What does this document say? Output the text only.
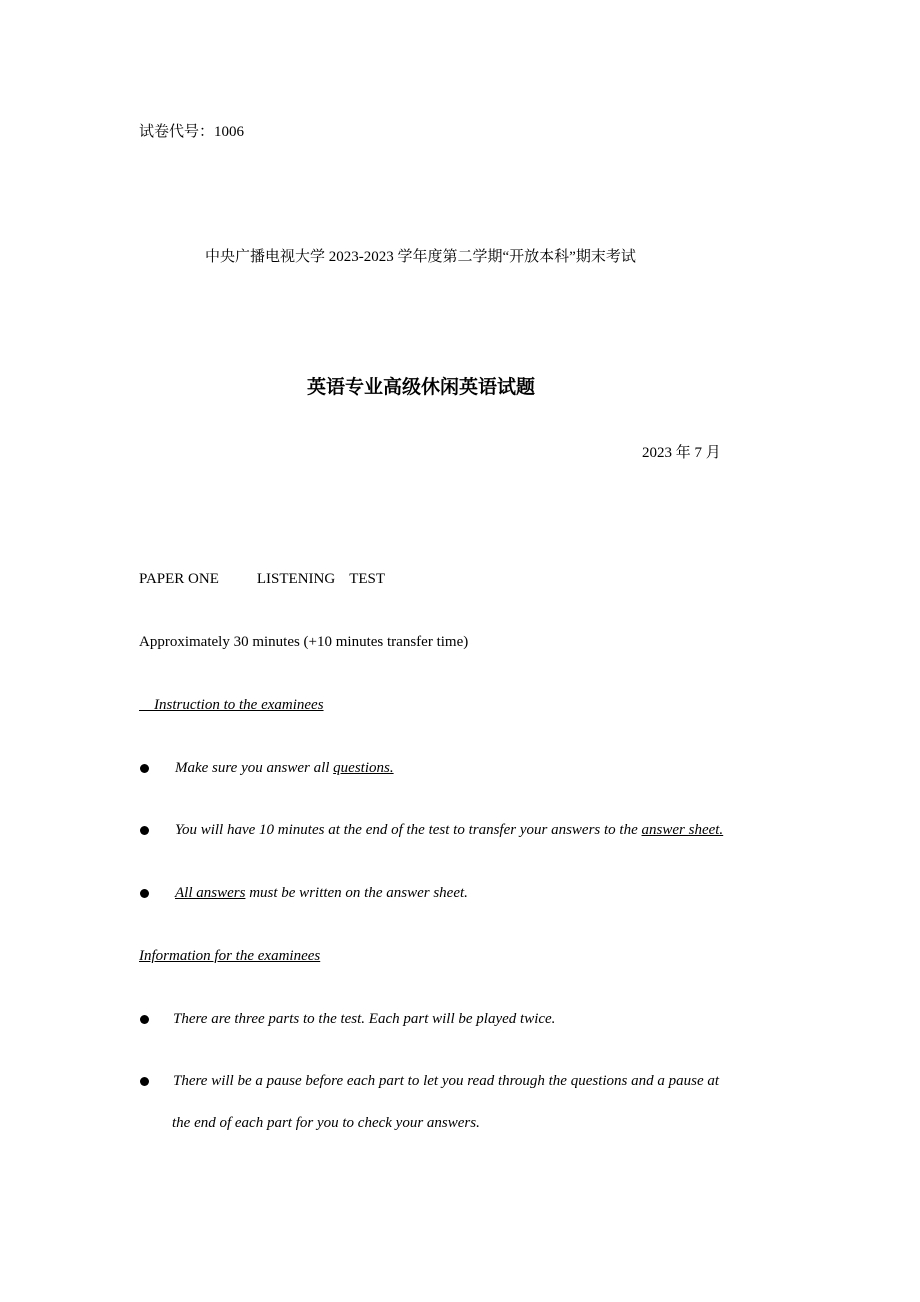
试卷代号：1006
中央广播电视大学 2023-2023 学年度第二学期“开放本科”期末考试
英语专业高级休闲英语试题
2023 年 7 月
PAPER ONE	LISTENING TEST
Approximately 30 minutes (+10 minutes transfer time)
Instruction to the examinees
Make sure you answer all questions.
You will have 10 minutes at the end of the test to transfer your answers to the answer sheet.
All answers must be written on the answer sheet.
Information for the examinees
There are three parts to the test. Each part will be played twice.
There will be a pause before each part to let you read through the questions and a pause at
the end of each part for you to check your answers.
